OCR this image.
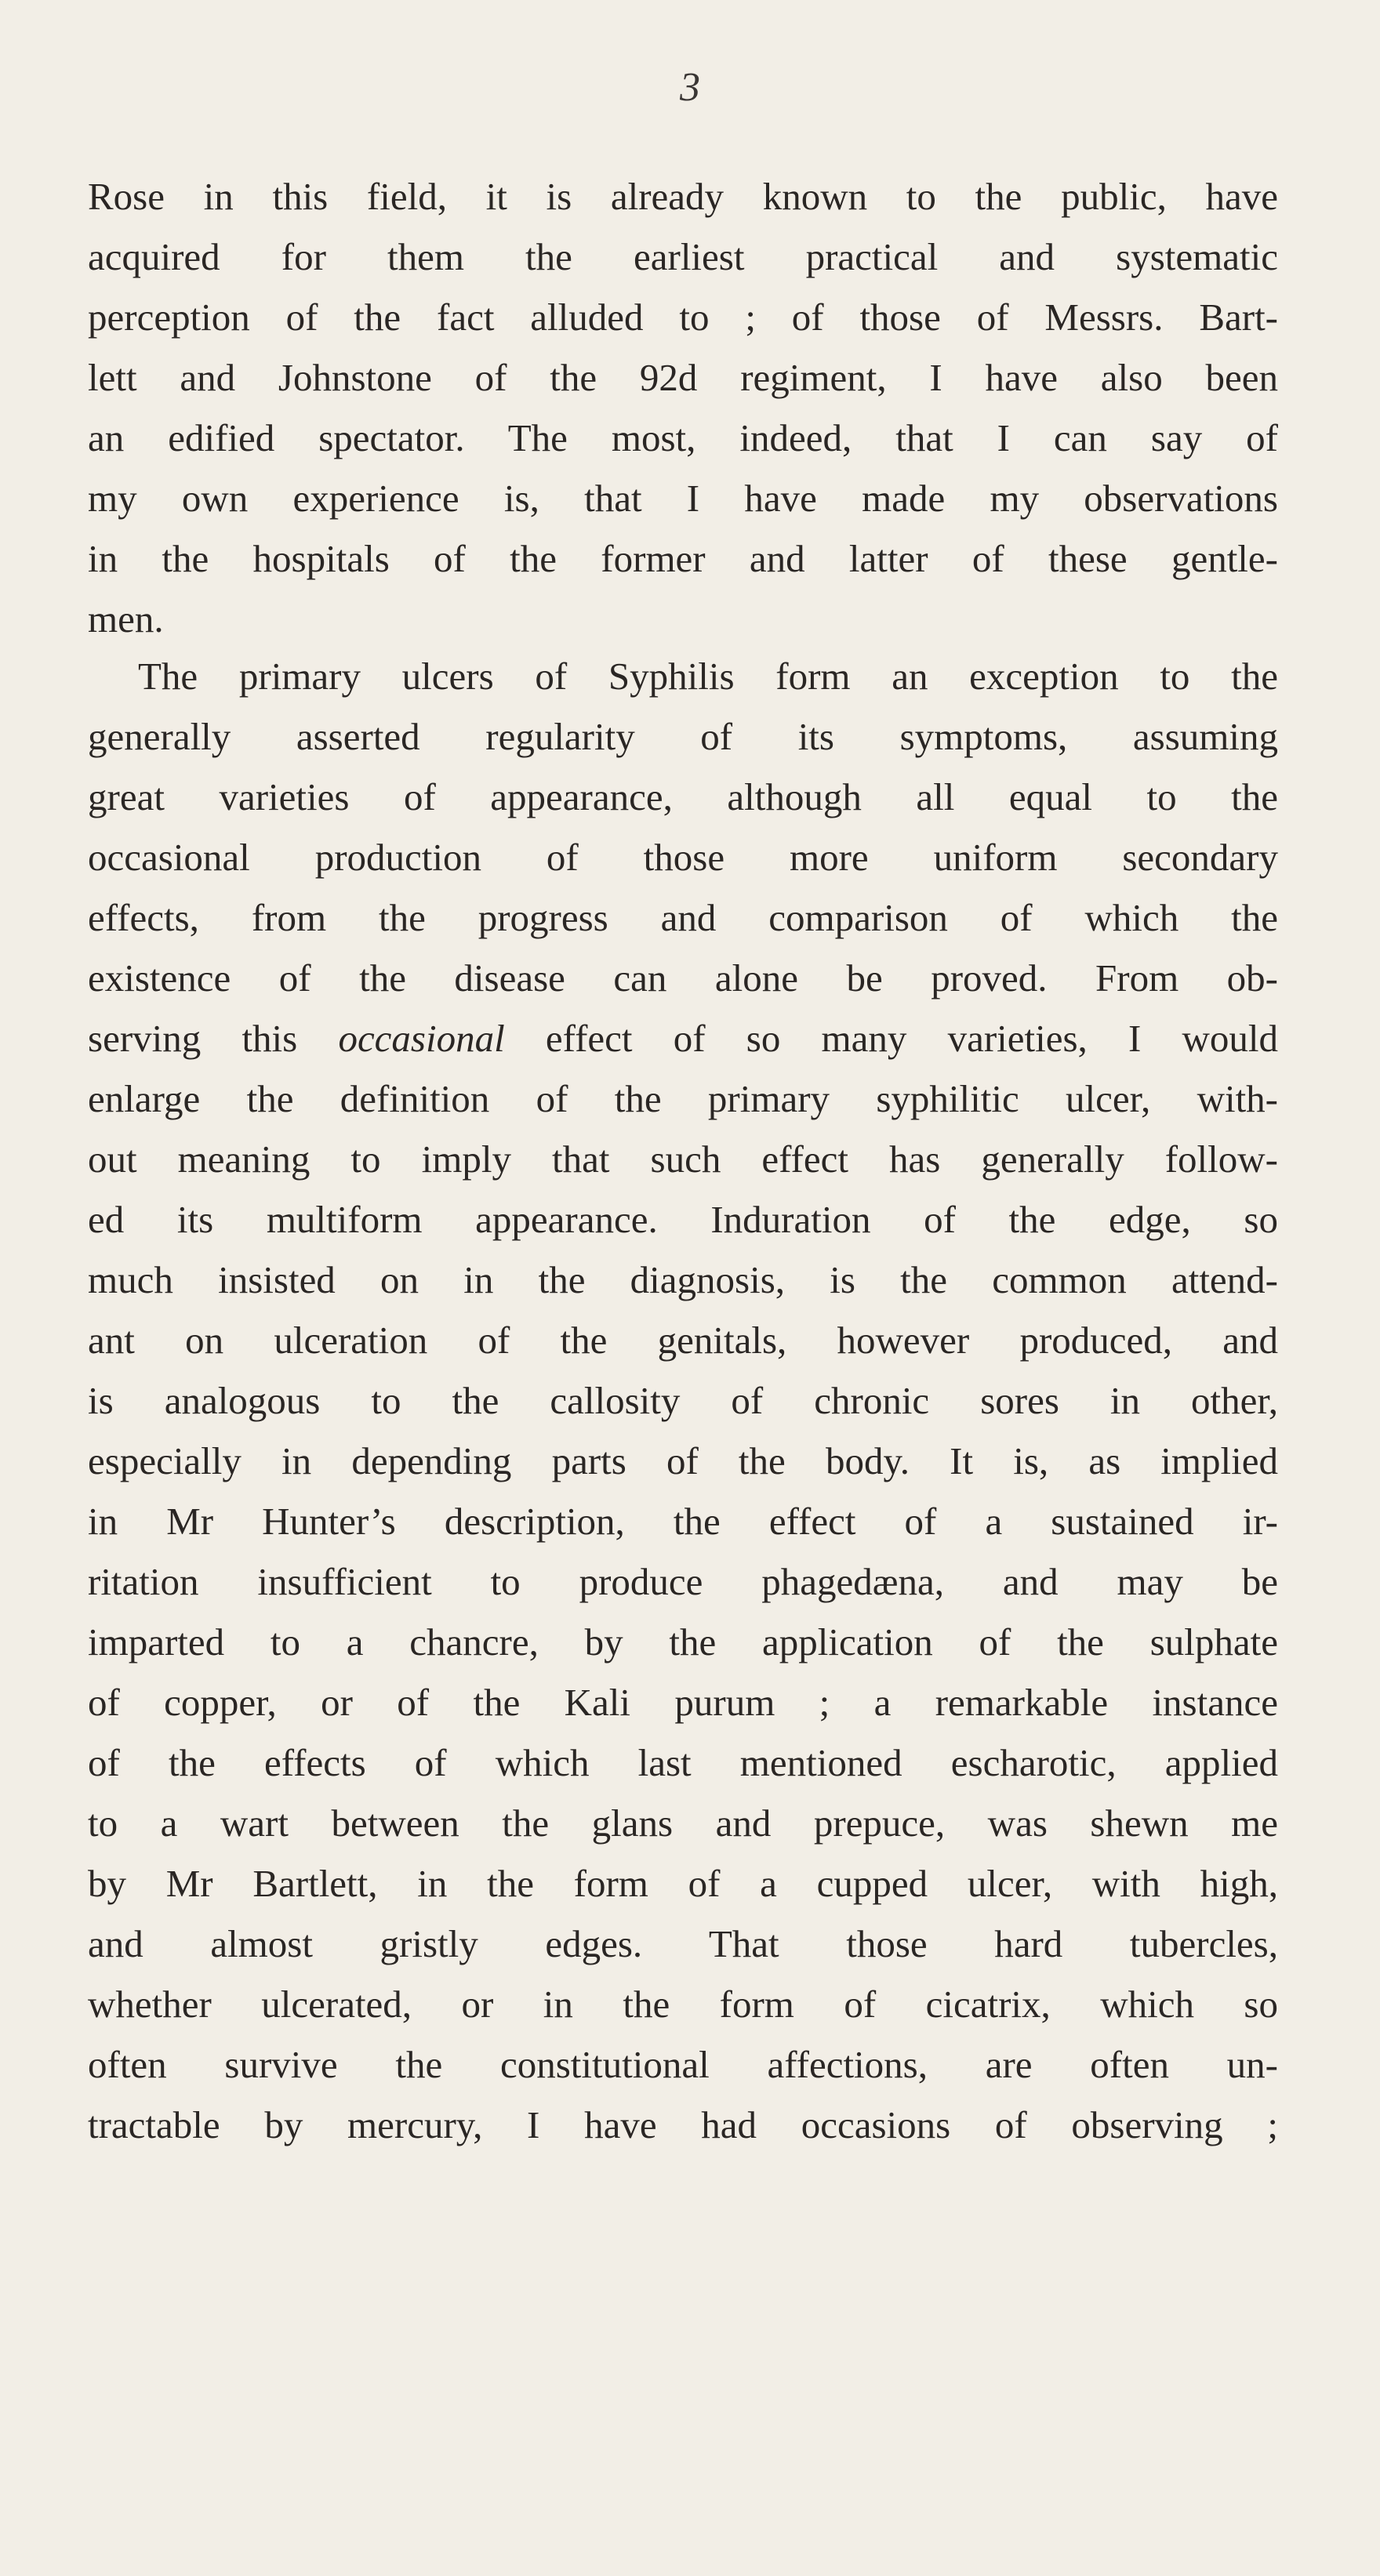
3
Rose in this field, it is already known to the public, have
acquired for them the earliest practical and systematic
perception of the fact alluded to ; of those of Messrs. Bart-
lett and Johnstone of the 92d regiment, I have also been
an edified spectator. The most, indeed, that I can say of
my own experience is, that I have made my observations
in the hospitals of the former and latter of these gentle-
men.
The primary ulcers of Syphilis form an exception to the
generally asserted regularity of its symptoms, assuming
great varieties of appearance, although all equal to the
occasional production of those more uniform secondary
effects, from the progress and comparison of which the
existence of the disease can alone be proved. From ob-
serving this occasional effect of so many varieties, I would
enlarge the definition of the primary syphilitic ulcer, with-
out meaning to imply that such effect has generally follow-
ed its multiform appearance. Induration of the edge, so
much insisted on in the diagnosis, is the common attend-
ant on ulceration of the genitals, however produced, and
is analogous to the callosity of chronic sores in other,
especially in depending parts of the body. It is, as implied
in Mr Hunter’s description, the effect of a sustained ir-
ritation insufficient to produce phagedæna, and may be
imparted to a chancre, by the application of the sulphate
of copper, or of the Kali purum ; a remarkable instance
of the effects of which last mentioned escharotic, applied
to a wart between the glans and prepuce, was shewn me
by Mr Bartlett, in the form of a cupped ulcer, with high,
and almost gristly edges. That those hard tubercles,
whether ulcerated, or in the form of cicatrix, which so
often survive the constitutional affections, are often un-
tractable by mercury, I have had occasions of observing ;
